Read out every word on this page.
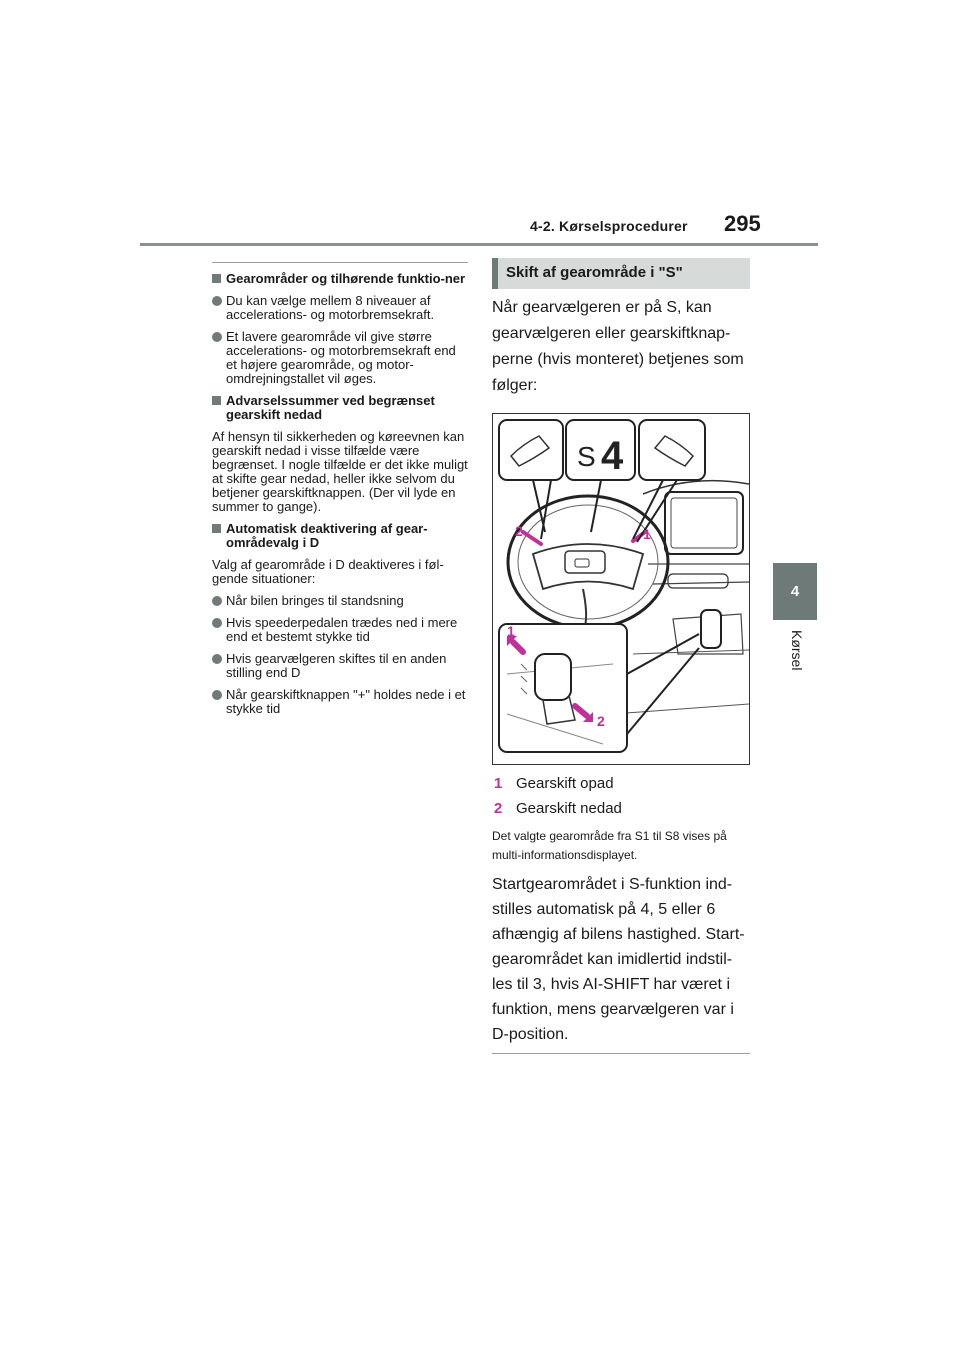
4-2. Kørselsprocedurer 295
4
Kørsel
Gearområder og tilhørende funktio-ner
Du kan vælge mellem 8 niveauer af accelerations- og motorbremsekraft.
Et lavere gearområde vil give større accelerations- og motorbremsekraft end et højere gearområde, og motor-omdrejningstallet vil øges.
Advarselssummer ved begrænset gearskift nedad
Af hensyn til sikkerheden og køreevnen kan gearskift nedad i visse tilfælde være begrænset. I nogle tilfælde er det ikke muligt at skifte gear nedad, heller ikke selvom du betjener gearskiftknappen. (Der vil lyde en summer to gange).
Automatisk deaktivering af gear-områdevalg i D
Valg af gearområde i D deaktiveres i føl-gende situationer:
Når bilen bringes til standsning
Hvis speederpedalen trædes ned i mere end et bestemt stykke tid
Hvis gearvælgeren skiftes til en anden stilling end D
Når gearskiftknappen "+" holdes nede i et stykke tid
Skift af gearområde i "S"
Når gearvælgeren er på S, kan gearvælgeren eller gearskiftknap-perne (hvis monteret) betjenes som følger:
S 4
2	1
1
2
1 Gearskift opad
2 Gearskift nedad
Det valgte gearområde fra S1 til S8 vises på multi-informationsdisplayet.
Startgearområdet i S-funktion ind-stilles automatisk på 4, 5 eller 6 afhængig af bilens hastighed. Start-gearområdet kan imidlertid indstil-les til 3, hvis AI-SHIFT har været i funktion, mens gearvælgeren var i D-position.
